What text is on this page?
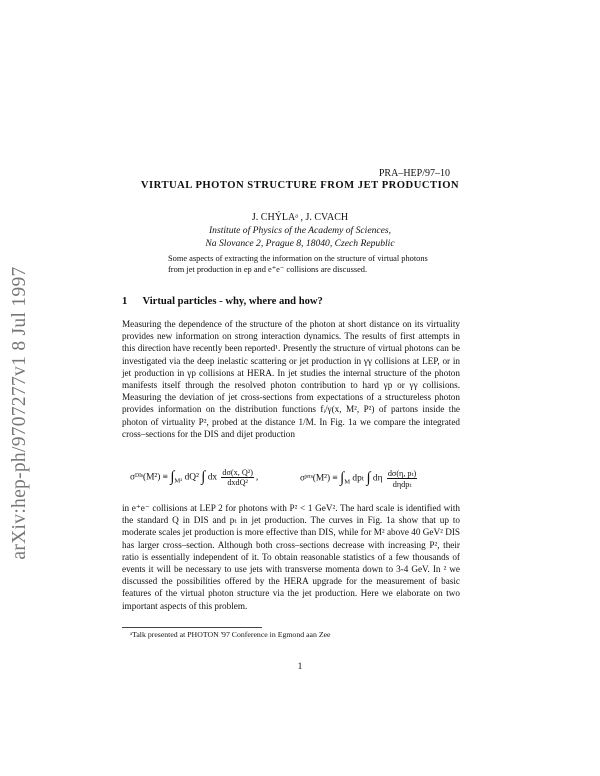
arXiv:hep-ph/9707277v1 8 Jul 1997
PRA–HEP/97–10
VIRTUAL PHOTON STRUCTURE FROM JET PRODUCTION
J. CHÝLAᵃ , J. CVACH
Institute of Physics of the Academy of Sciences,
Na Slovance 2, Prague 8, 18040, Czech Republic
Some aspects of extracting the information on the structure of virtual photons from jet production in ep and e⁺e⁻ collisions are discussed.
1 Virtual particles - why, where and how?
Measuring the dependence of the structure of the photon at short distance on its virtuality provides new information on strong interaction dynamics. The results of first attempts in this direction have recently been reported¹. Presently the structure of virtual photons can be investigated via the deep inelastic scattering or jet production in γγ collisions at LEP, or in jet production in γp collisions at HERA. In jet studies the internal structure of the photon manifests itself through the resolved photon contribution to hard γp or γγ collisions. Measuring the deviation of jet cross-sections from expectations of a structureless photon provides information on the distribution functions fᵢ/γ(x, M², P²) of partons inside the photon of virtuality P², probed at the distance 1/M. In Fig. 1a we compare the integrated cross–sections for the DIS and dijet production
σᴰᴵˢ(M²) ≡ $\int_{M^2}$ dQ² ∫ dx $\frac{\text{dσ(x, Q²)}}{\text{dxdQ²}}$ ,	σʲᵉᵗˢ(M²) ≡ $\int_M$ dpₜ ∫ dη $\frac{\text{dσ(η, pₜ)}}{\text{dηdpₜ}}$
in e⁺e⁻ collisions at LEP 2 for photons with P² < 1 GeV². The hard scale is identified with the standard Q in DIS and pₜ in jet production. The curves in Fig. 1a show that up to moderate scales jet production is more effective than DIS, while for M² above 40 GeV² DIS has larger cross–section. Although both cross–sections decrease with increasing P², their ratio is essentially independent of it. To obtain reasonable statistics of a few thousands of events it will be necessary to use jets with transverse momenta down to 3-4 GeV. In ² we discussed the possibilities offered by the HERA upgrade for the measurement of basic features of the virtual photon structure via the jet production. Here we elaborate on two important aspects of this problem.
ᵃTalk presented at PHOTON '97 Conference in Egmond aan Zee
1
